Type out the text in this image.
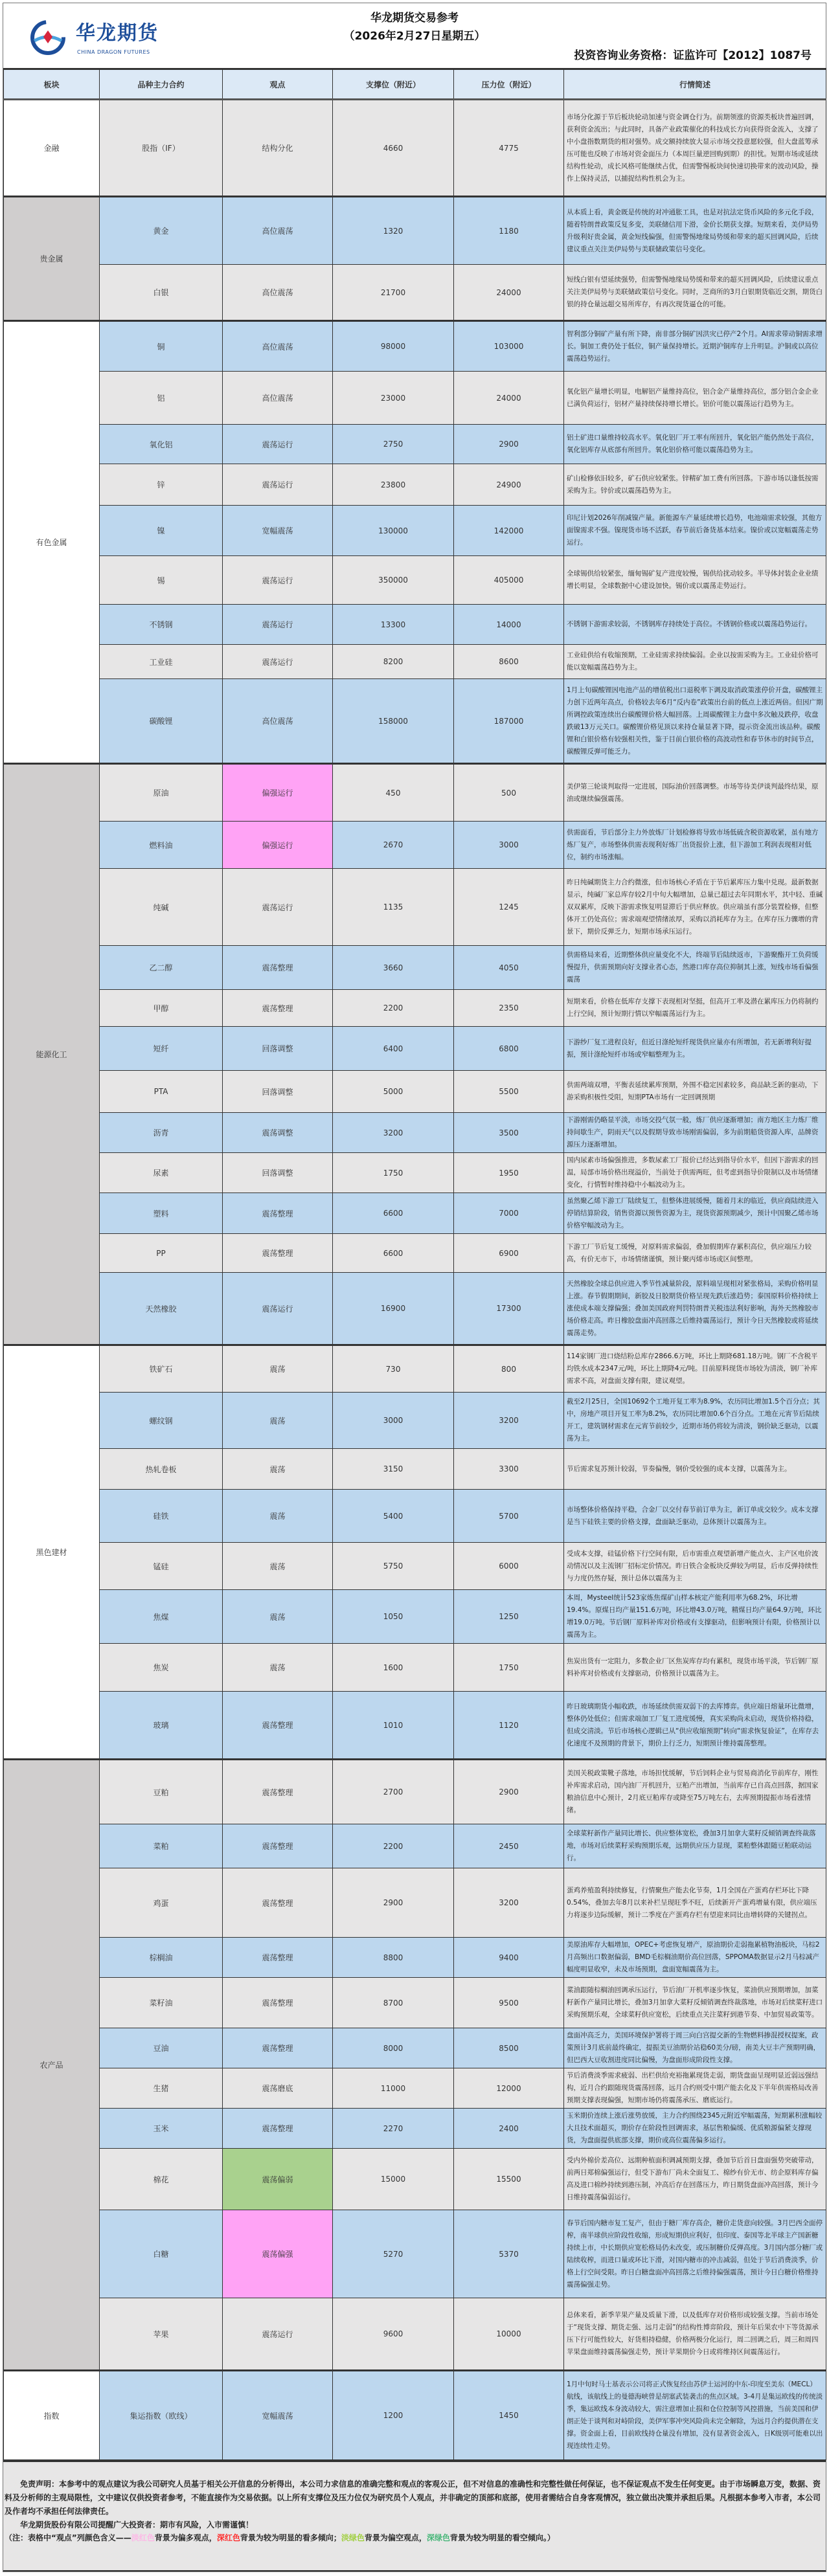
华龙期货
CHINA DRAGON FUTURES
华龙期货交易参考
（2026年2月27日星期五）
投资咨询业务资格：证监许可【2012】1087号
板块	品种主力合约	观点	支撑位（附近）	压力位（附近）	行情简述
金融	股指（IF）	结构分化	4660	4775	市场分化源于节后板块轮动加速与资金调仓行为。前期领涨的资源类板块普遍回调，获利资金流出；与此同时，具备产业政策催化的科技成长方向获得资金流入，支撑了中小盘指数期货的相对强势。成交额持续放大显示市场交投意愿较强，但大盘蓝筹承压可能也反映了市场对资金面压力（本周巨量逆回购到期）的担忧。短期市场或延续结构性轮动，成长风格可能继续占优，但需警惕板块间快速切换带来的波动风险，操作上保持灵活，以捕捉结构性机会为主。
贵金属	黄金	高位震荡	1320	1180	从本质上看，黄金既是传统的对冲通胀工具，也是对抗法定货币风险的多元化手段，随着特朗普政策反复多变，美联储信用下滑，金价长期获支撑。短期来看，美伊局势升级利好贵金属，黄金短线偏强，但需警惕地缘局势缓和带来的超买回调风险，后续建议重点关注美伊局势与美联储政策信号变化。
	白银	高位震荡	21700	24000	短线白银有望延续强势，但需警惕地缘局势缓和带来的超买回调风险，后续建议重点关注美伊局势与美联储政策信号变化。同时，芝商所的3月白银期货临近交割，期货白银的持仓量远超交易所库存，有再次现货逼仓的可能。
有色金属	铜	高位震荡	98000	103000	智利部分铜矿产量有所下降，南非部分铜矿因洪灾已停产2个月。AI需求带动铜需求增长。铜加工费仍处于低位，铜产量保持增长。近期沪铜库存上升明显。沪铜或以高位震荡趋势运行。
	铝	高位震荡	23000	24000	氧化铝产量增长明显，电解铝产量维持高位，铝合金产量维持高位，部分铝合金企业已满负荷运行，铝材产量持续保持增长增长。铝价可能以震荡运行趋势为主。
	氧化铝	震荡运行	2750	2900	铝土矿进口量维持较高水平。氧化铝厂开工率有所回升，氧化铝产能仍然处于高位，氧化铝库存从底部有所回升。氧化铝价格可能以震荡趋势为主。
	锌	震荡运行	23800	24900	矿山检修依旧较多，矿石供应较紧张。锌精矿加工费有所回落。下游市场以逢低按需采购为主。锌价或以震荡趋势为主。
	镍	宽幅震荡	130000	142000	印尼计划2026年削减镍产量。新能源车产量延续增长趋势，电池端需求较强，其他方面镍需求不强。镍现货市场不活跃，春节前后备货基本结束。镍价或以宽幅震荡走势运行。
	锡	震荡运行	350000	405000	全球锡供给较紧张，缅甸锡矿复产进度较慢，锡供给扰动较多。半导体封装企业业绩增长明显，全球数据中心建设加快。锡价或以震荡走势运行。
	不锈钢	震荡运行	13300	14000	不锈钢下游需求较弱，不锈钢库存持续处于高位。不锈钢价格或以震荡趋势运行。
	工业硅	震荡运行	8200	8600	工业硅供给有收缩预期，工业硅需求持续偏弱。企业以按需采购为主。工业硅价格可能以宽幅震荡趋势为主。
	碳酸锂	高位震荡	158000	187000	1月上旬碳酸锂因电池产品的增值税出口退税率下调及取消政策涨停价开盘，碳酸锂主力创下近两年高点，价格较去年6月“反内卷”政策出台前的低点上涨近两倍。但因广期所调控政策连续出台碳酸锂价格大幅回落。上周碳酸锂主力盘中多次触及跌停，收盘跌破13万元关口。碳酸锂价格见顶以来持仓量显著下降，提示资金流出该品种。碳酸锂和白银价格有较强相关性，鉴于目前白银价格的高波动性和春节休市的时间节点，碳酸锂反弹可能乏力。
能源化工	原油	偏强运行	450	500	美伊第三轮谈判取得一定进展，国际油价回落调整。市场等待美伊谈判最终结果，原油或继续偏强震荡。
	燃料油	偏强运行	2670	3000	供需面看，节后部分主力外放炼厂计划检修将导致市场低硫含税资源收紧，虽有地方炼厂复产，市场整体供需表现利好炼厂出货报价上涨，但下游加工利润表现相对低位，制约市场涨幅。
	纯碱	震荡运行	1135	1245	昨日纯碱期货主力合约微涨，但市场核心矛盾在于节后累库压力集中兑现。最新数据显示，纯碱厂家总库存较2月中旬大幅增加，总量已超过去年同期水平，其中轻、重碱双双累库，反映下游需求恢复明显滞后于供应释放。供应端虽有部分装置检修，但整体开工仍处高位；需求端观望情绪浓厚，采购以消耗库存为主。在库存压力骤增的背景下，期价反弹乏力，短期市场承压运行。
	乙二醇	震荡整理	3660	4050	供需格局来看，近期整体供应量变化不大，终端节后陆续返市，下游聚酯开工负荷缓慢提升，供需预期向好支撑业者心态，然港口库存高位抑制其上涨，短线市场看偏强震荡
	甲醇	震荡整理	2200	2350	短期来看，价格在低库存支撑下表现相对坚挺，但高开工率及潜在累库压力仍将制约上行空间，预计短期行情以窄幅震荡运行为主。
	短纤	回落调整	6400	6800	下游纱厂复工进程良好，但近日涤纶短纤现货供应量亦有所增加，若无新增利好提振，预计涤纶短纤市场或窄幅整理为主。
	PTA	回落调整	5000	5500	供需两端双增，平衡表延续累库预期，外围不稳定因素较多，商品缺乏新的驱动，下游采购积极性受阻，短期PTA市场有一定回调预期
	沥青	震荡调整	3200	3500	下游刚需仍略显平淡，市场交投气氛一般，炼厂供应逐渐增加；南方地区主力炼厂维持间歇生产，阴雨天气以及假期导致市场刚需偏弱，多为前期船货资源入库，品牌资源压力逐渐增加。
	尿素	回落调整	1750	1950	国内尿素市场偏强推进，多数尿素工厂报价已经达到指导价水平，但因下游需求的回温，局部市场价格出现溢价，当前处于供需两旺，但考虑到指导价限制以及市场情绪变化，行情暂时维持稳中小幅波动为主。
	塑料	震荡整理	6600	7000	虽然聚乙烯下游工厂陆续复工，但整体进展缓慢，随着月末的临近，供应商陆续进入停销结算阶段，销售资源以预售资源为主，现货资源预期减少，预计中国聚乙烯市场价格窄幅波动为主。
	PP	震荡整理	6600	6900	下游工厂节后复工缓慢，对原料需求偏弱，叠加假期库存累积高位，供应端压力较高，有价无市下，市场情绪谨慎，预计聚丙烯市场或区间整理。
	天然橡胶	震荡运行	16900	17300	天然橡胶全球总供应进入季节性减量阶段，原料端呈现相对紧张格局，采购价格明显上涨。春节假期期间，新胶及日胶期货价格呈现先跌后涨趋势；泰国原料价格持续上涨使成本端支撑偏强；叠加美国政府判罚特朗普关税违法利好影响，海外天然橡胶市场价格走高。昨日橡胶盘面冲高回落之后维持震荡运行，预计今日天然橡胶或将延续震荡走势。
黑色建材	铁矿石	震荡	730	800	114家钢厂进口烧结粉总库存2866.6万吨，环比上期降681.18万吨。钢厂不含税平均铁水成本2347元/吨，环比上期降4元/吨。目前原料现货市场较为清淡，钢厂补库需求不高，对盘面支撑有限，建议观望。
	螺纹钢	震荡	3000	3200	截至2月25日，全国10692个工地开复工率为8.9%，农历同比增加1.5个百分点；其中，房地产项目开复工率为8.2%，农历同比增加0.6个百分点。工地在元宵节后陆续开工，建筑钢材需求在元宵节前较少，近期市场仍将较为清淡，钢价缺乏驱动，以震荡为主。
	热轧卷板	震荡	3150	3300	节后需求复苏预计较弱，节奏偏慢，钢价受较强的成本支撑，以震荡为主。
	硅铁	震荡	5400	5700	市场整体价格保持平稳，合金厂以交付春节前订单为主，新订单成交较少。成本支撑是当下硅铁主要的价格支撑，盘面缺乏驱动，总体预计以震荡为主。
	锰硅	震荡	5750	6000	受成本支撑，硅锰价格下行空间有限，后市需重点观望新增产能点火、主产区电价波动情况以及主流钢厂招标定价情况。昨日铁合金板块反弹较为明显，后市反弹持续性与力度仍然存疑，预计总体以震荡为主
	焦煤	震荡	1050	1250	本周，Mysteel统计523家炼焦煤矿山样本核定产能利用率为68.2%，环比增19.4%。原煤日均产量151.6万吨，环比增43.0万吨，精煤日均产量64.9万吨，环比增19.0万吨。节后钢厂原料补库对价格或有支撑驱动，但影响预计有限，价格预计以震荡为主。
	焦炭	震荡	1600	1750	焦炭出货有一定阻力，多数企业厂区焦炭库存均有累积，现货市场平淡，节后钢厂原料补库对价格或有支撑驱动，价格预计以震荡为主。
	玻璃	震荡整理	1010	1120	昨日玻璃期货小幅收跌，市场延续供需双弱下的去库博弈。供应端日熔量环比微增，整体仍处低位；但需求端加工厂复工进度缓慢，真实采购尚未启动，现货价格持稳，但成交清淡。节后市场核心逻辑已从“供应收缩预期”转向“需求恢复验证”，在库存去化速度不及预期的背景下，期价上行乏力，短期预计维持震荡整理。
农产品	豆粕	震荡整理	2700	2900	美国关税政策靴子落地，市场担忧缓解，节后饲料企业与贸易商消化节前库存，刚性补库需求启动，国内油厂开机回升，豆粕产出增加，当前库存已自高点回落，据国家粮油信息中心预计，2月底豆粕库存或降至75万吨左右，去库预期提振市场看涨情绪。
	菜粕	震荡整理	2200	2450	全球菜籽新作产量同比增长、供应整体宽松，叠加3月加拿大菜籽反倾销调查终裁落地，市场对后续菜籽采购预期乐观，远期供应压力显现，菜粕整体跟随豆粕联动运行。
	鸡蛋	震荡整理	2900	3200	蛋鸡养殖盈利持续修复，行情聚焦产能去化节奏，1月全国在产蛋鸡存栏环比下降0.54%，叠加去年8月以来补栏呈现旺季不旺，后续新开产蛋鸡增量有限，供应端压力将逐步边际缓解，预计二季度在产蛋鸡存栏有望迎来同比由增转降的关键拐点。
	棕榈油	震荡整理	8800	9400	美原油库存大幅增加，OPEC+考虑恢复增产，原油期价走弱拖累植物油板块，马棕2月高频出口数据偏弱，BMD毛棕榈油期价高位回落，SPPOMA数据显示2月马棕减产幅度明显收窄，未及市场预期，盘面宽幅震荡为主。
	菜籽油	震荡整理	8700	9500	菜油跟随棕榈油回调承压运行，节后油厂开机率逐步恢复，菜油供应预期增加，加菜籽新作产量同比增长，叠加3月加拿大菜籽反倾销调查终裁落地，市场对后续菜籽进口采购预期乐观，全球菜籽供应宽松，后续重点关注菜籽到港节奏、中加贸易政策等。
	豆油	震荡整理	8000	8500	盘面冲高乏力，美国环境保护署将于周三向白宫提交新的生物燃料掺混授权提案，政策预计3月底前最终确定，提振美豆油期价站稳60美分/磅，南美大豆丰产预期明确，但巴西大豆收割进度同比偏慢，为盘面形成阶段性支撑。
	生猪	震荡磨底	11000	12000	节后消费淡季需求疲弱、出栏供给充裕拖累现货走弱，期货盘面呈现明显近弱远强结构，近月合约跟随现货震荡回落，远月合约则受中期产能去化及下半年供需格局改善预期支撑表现偏强，短期市场仍将震荡承压、磨底运行。
	玉米	震荡整理	2270	2400	玉米期价连续上涨后涨势放缓，主力合约围绕2345元附近窄幅震荡，短期累积涨幅较大且技术面超买，期价存在阶段性回调需求，基层售粮偏缓、优质粮源偏紧支撑现货，为盘面提供底部支撑，期价或高位震荡偏多运行。
	棉花	震荡偏弱	15000	15500	受内外棉价差高位、远期种植面积调减预期支撑，叠加节后首日盘面强势突破带动，前两日郑棉偏强运行，但受下游布厂尚未全面复工、棉纱有价无市、纺企原料库存偏高及进口棉纱持续到港压制，冲高后存在回落压力，昨日期货盘面冲高回落，预计今日维持震荡偏弱运行。
	白糖	震荡偏强	5270	5370	春节后国内糖市复工复产，但由于糖厂库存高企，糖价走货意向较强。3月巴西全面停榨，南半球供应阶段性收缩，形成短期供应利好，但印度、泰国等北半球主产国新糖持续上市，中长期供应宽松格局仍未改变，或压制糖价反弹高度。3月国内部分糖厂或陆续收榨，而进口量或环比下滑，对国内糖市的冲击减弱，但处于节后消费淡季，价格上行空间受限。昨日白糖盘面冲高回落之后维持偏强震荡，预计今日白糖价格维持震荡偏强走势。
	苹果	震荡运行	9600	10000	总体来看，新季苹果产量及质量下滑，以及低库存对价格形成较强支撑。当前市场处于“现货支撑、期货走强、远月走弱”的结构性博弈阶段，预计年后果农中下等货源承压下行可能性较大，好货相持稳健，价格两极分化运行，周二回调之后，周三和周四苹果盘面维持震荡偏强走势，预计苹果期价今日或将维持区间震荡运行。
指数	集运指数（欧线）	宽幅震荡	1200	1450	1月中旬时马士基表示公司将正式恢复经由苏伊士运河的中东-印度至美东（MECL）航线，该航线上的曼德海峡曾是胡塞武装袭击的焦点区域。3-4月是集运欧线的传统淡季，集运欧线本身波动较大，需注意增加止损和仓位控制等风控措施，当前美国和伊朗正处于谈判和对峙阶段，美伊军事冲突风险尚未完全解除，为远月合约提供潜在支撑。资金面上看，目前欧线持仓量没有增加，没有显著资金流入，日K级别可能难以出现连续性走势。

免责声明：本参考中的观点建议为我公司研究人员基于相关公开信息的分析得出，本公司力求信息的准确完整和观点的客观公正，但不对信息的准确性和完整性做任何保证，也不保证观点不发生任何变更。由于市场瞬息万变，数据、资料及分析师的主观局限性，文中建议仅供投资者参考，不能直接作为交易依据。以上所有支撑位及压力位仅为研究员个人观点，并非确定的顶部和底部，使用者需结合自身客观情况，独立做出决策并承担后果。凡根据本参考入市者，本公司及作者均不承担任何法律责任。

华龙期货股份有限公司提醒广大投资者：期市有风险，入市需谨慎！

（注：表格中“观点”列颜色含义——淡红色背景为偏多观点，深红色背景为较为明显的看多倾向；淡绿色背景为偏空观点，深绿色背景为较为明显的看空倾向。）
